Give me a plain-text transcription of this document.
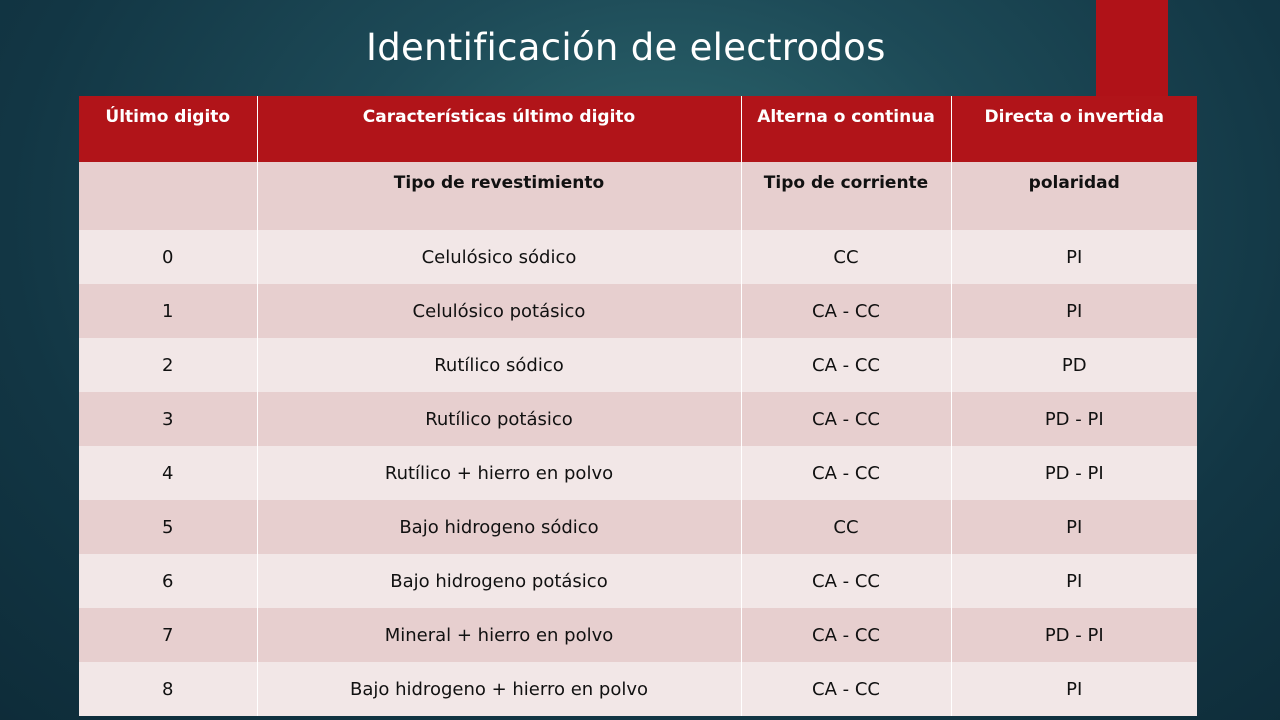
Identificación de electrodos
Último digito	Características último digito	Alterna o continua	Directa o invertida
	Tipo de revestimiento	Tipo de corriente	polaridad
0	Celulósico sódico	CC	PI
1	Celulósico potásico	CA - CC	PI
2	Rutílico sódico	CA - CC	PD
3	Rutílico potásico	CA - CC	PD - PI
4	Rutílico + hierro en polvo	CA - CC	PD - PI
5	Bajo hidrogeno sódico	CC	PI
6	Bajo hidrogeno potásico	CA - CC	PI
7	Mineral + hierro en polvo	CA - CC	PD - PI
8	Bajo hidrogeno + hierro en polvo	CA - CC	PI
